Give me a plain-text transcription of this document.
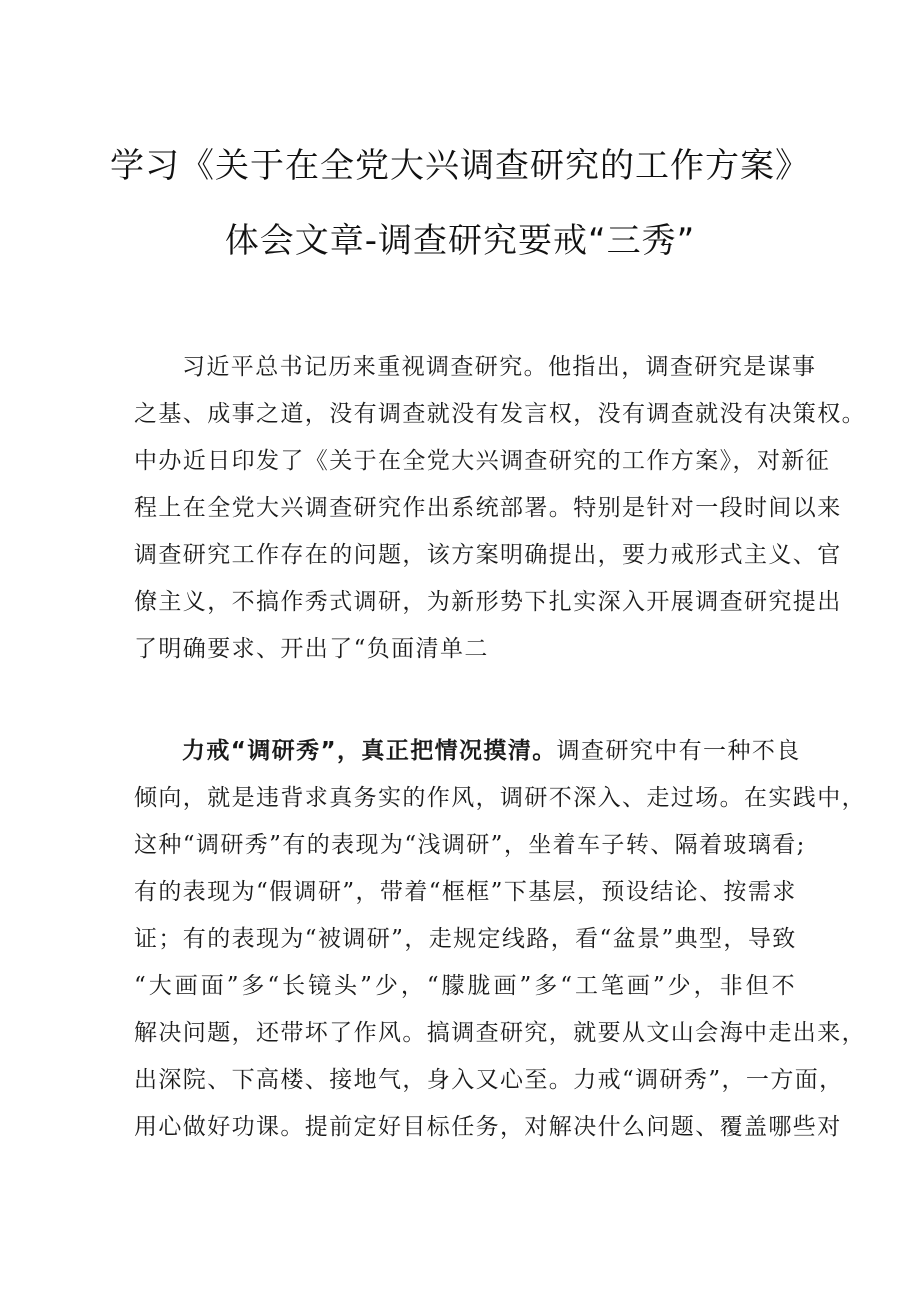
学习《关于在全党大兴调查研究的工作方案》
体会文章-调查研究要戒“三秀”
习近平总书记历来重视调查研究。他指出，调查研究是谋事
之基、成事之道，没有调查就没有发言权，没有调查就没有决策权。
中办近日印发了《关于在全党大兴调查研究的工作方案》，对新征
程上在全党大兴调查研究作出系统部署。特别是针对一段时间以来
调查研究工作存在的问题，该方案明确提出，要力戒形式主义、官
僚主义，不搞作秀式调研，为新形势下扎实深入开展调查研究提出
了明确要求、开出了“负面清单二
力戒“调研秀”，真正把情况摸清。调查研究中有一种不良
倾向，就是违背求真务实的作风，调研不深入、走过场。在实践中，
这种“调研秀”有的表现为“浅调研”，坐着车子转、隔着玻璃看;
有的表现为“假调研”，带着“框框”下基层，预设结论、按需求
证；有的表现为“被调研”，走规定线路，看“盆景”典型，导致
“大画面”多“长镜头”少，“朦胧画”多“工笔画”少，非但不
解决问题，还带坏了作风。搞调查研究，就要从文山会海中走出来，
出深院、下高楼、接地气，身入又心至。力戒“调研秀”，一方面，
用心做好功课。提前定好目标任务，对解决什么问题、覆盖哪些对
